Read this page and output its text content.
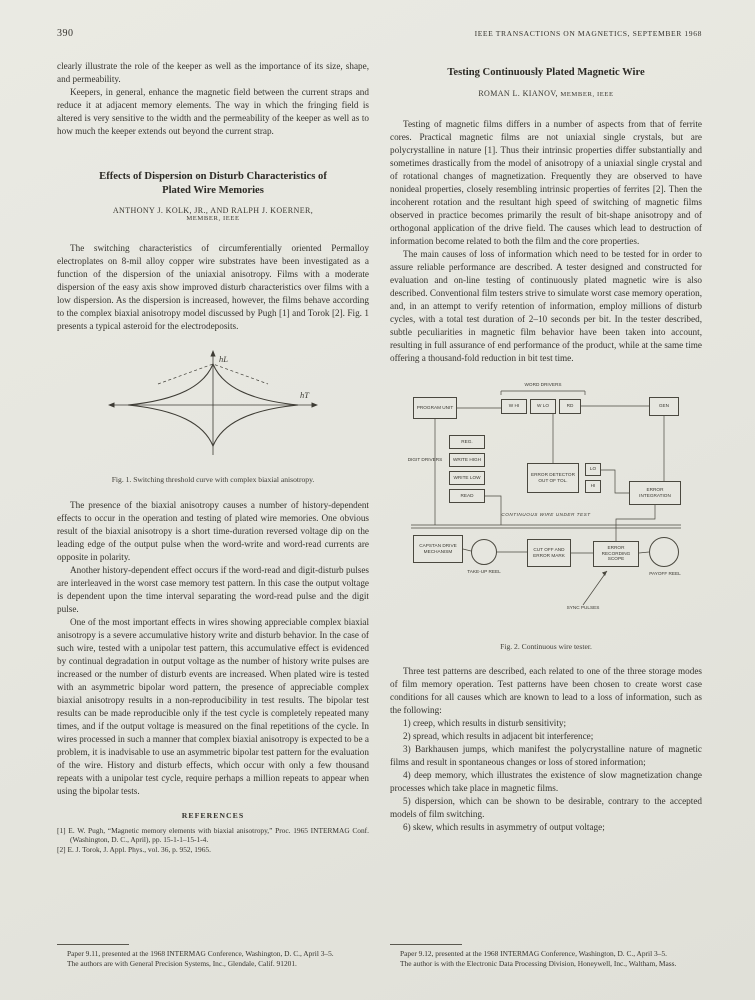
390	IEEE TRANSACTIONS ON MAGNETICS, SEPTEMBER 1968

clearly illustrate the role of the keeper as well as the importance of its size, shape, and permeability.

Keepers, in general, enhance the magnetic field between the current straps and reduce it at adjacent memory elements. The way in which the fringing field is altered is very sensitive to the width and the permeability of the keeper as well as to how much the keeper extends out beyond the current strap.

Effects of Dispersion on Disturb Characteristics of
Plated Wire Memories
ANTHONY J. KOLK, JR., AND RALPH J. KOERNER,
MEMBER, IEEE

The switching characteristics of circumferentially oriented Permalloy electroplates on 8-mil alloy copper wire substrates have been investigated as a function of the dispersion of the uniaxial anisotropy. Films with a moderate dispersion of the easy axis show improved disturb characteristics over films with a low dispersion. As the dispersion is increased, however, the films behave according to the complex biaxial anisotropy model discussed by Pugh [1] and Torok [2]. Fig. 1 presents a typical asteroid for the electrodeposits.

hL
hT
Fig. 1. Switching threshold curve with complex biaxial anisotropy.

The presence of the biaxial anisotropy causes a number of history-dependent effects to occur in the operation and testing of plated wire memories. One obvious result of the biaxial anisotropy is a short time-duration reversed voltage dip on the leading edge of the output pulse when the word-write and word-read currents are opposite in polarity.

Another history-dependent effect occurs if the word-read and digit-disturb pulses are interleaved in the worst case memory test pattern. In this case the output voltage is dependent upon the time interval separating the word-read pulse and the digit pulse.

One of the most important effects in wires showing appreciable complex biaxial anisotropy is a severe accumulative history write and disturb behavior. In the case of such wire, tested with a unipolar test pattern, this accumulative effect is evidenced by continual degradation in output voltage as the number of history write pulses are increased or the number of disturb events are increased. When plated wire is tested with an asymmetric bipolar word pattern, the presence of appreciable complex biaxial anisotropy results in a non-reproducibility in test results. The bipolar test results can be made reproducible only if the test cycle is completely repeated many times, and if the output voltage is measured on the final repetitions of the cycle. In wires processed in such a manner that complex biaxial anisotropy is expected to be a problem, it is inadvisable to use an asymmetric bipolar test pattern for the evaluation of the wire. History and disturb effects, which occur with only a few thousand repeats with a unipolar test cycle, require perhaps a million repeats to appear when using the bipolar tests.

REFERENCES

[1] E. W. Pugh, “Magnetic memory elements with biaxial anisotropy,” Proc. 1965 INTERMAG Conf. (Washington, D. C., April), pp. 15-1-1–15-1-4.

[2] E. J. Torok, J. Appl. Phys., vol. 36, p. 952, 1965.

Paper 9.11, presented at the 1968 INTERMAG Conference, Washington, D. C., April 3–5.

The authors are with General Precision Systems, Inc., Glendale, Calif. 91201.

Testing Continuously Plated Magnetic Wire
ROMAN L. KIANOV, MEMBER, IEEE

Testing of magnetic films differs in a number of aspects from that of ferrite cores. Practical magnetic films are not uniaxial single crystals, but are polycrystalline in nature [1]. Thus their intrinsic properties differ substantially and sometimes drastically from the model of anisotropy of a uniaxial single crystal and of rotational changes of magnetization. Frequently they are observed to have nonideal properties, closely resembling intrinsic properties of ferrites [2]. Then the incoherent rotation and the resultant high speed of switching of magnetic films observed in practice becomes primarily the result of bit-shape anisotropy and of orthogonal application of the drive field. The causes which lead to destruction of information become related to both the film and the core properties.

The main causes of loss of information which need to be tested for in order to assure reliable performance are described. A tester designed and constructed for evaluation and on-line testing of continuously plated magnetic wire is also described. Conventional film testers strive to simulate worst case memory operation, and, in an attempt to verify retention of information, employ millions of disturb cycles, with a total test duration of 2–10 seconds per bit. In the tester described, subtle peculiarities in magnetic film behavior have been taken into account, resulting in full assurance of end performance of the product, while at the same time offering a thousand-fold reduction in bit test time.

PROGRAM UNIT
WORD DRIVERS
W HI	W LO	RD	GEN
DIGIT DRIVERS
REG.
WRITE HIGH
WRITE LOW
READ
ERROR DETECTOR OUT OF TOL.
LO
HI
ERROR INTEGRATION
CONTINUOUS WIRE UNDER TEST
CAPSTAN DRIVE MECHANISM
TAKE-UP REEL
CUT OFF AND ERROR MARK
ERROR RECORDING SCOPE
PAYOFF REEL
SYNC PULSES
Fig. 2. Continuous wire tester.

Three test patterns are described, each related to one of the three storage modes of film memory operation. Test patterns have been chosen to create worst case conditions for all causes which are known to lead to a loss of information, such as the following:

1) creep, which results in disturb sensitivity;

2) spread, which results in adjacent bit interference;

3) Barkhausen jumps, which manifest the polycrystalline nature of magnetic films and result in spontaneous changes or loss of stored information;

4) deep memory, which illustrates the existence of slow magnetization change processes which take place in magnetic films.

5) dispersion, which can be shown to be desirable, contrary to the accepted models of film switching.

6) skew, which results in asymmetry of output voltage;

Paper 9.12, presented at the 1968 INTERMAG Conference, Washington, D. C., April 3–5.

The author is with the Electronic Data Processing Division, Honeywell, Inc., Waltham, Mass.
